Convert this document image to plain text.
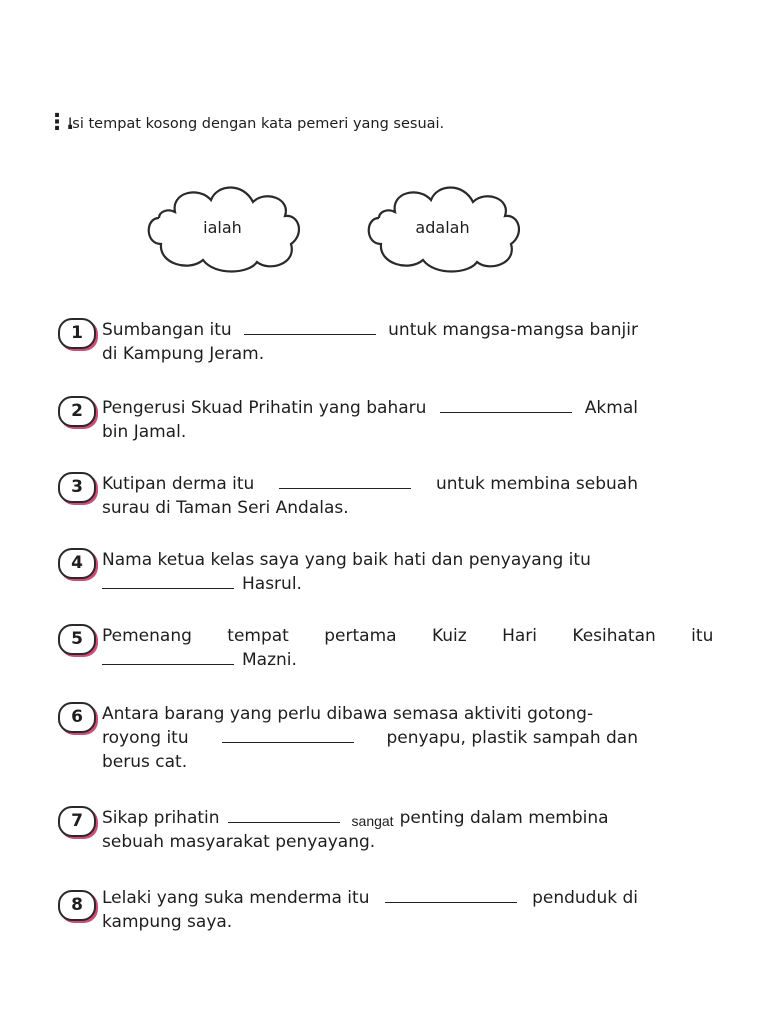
⋮.
Isi tempat kosong dengan kata pemeri yang sesuai.
ialah	adalah
1	Sumbangan itu	untuk mangsa-mangsa banjir
di Kampung Jeram.
2	Pengerusi Skuad Prihatin yang baharu	Akmal
bin Jamal.
3	Kutipan derma itu	untuk membina sebuah
surau di Taman Seri Andalas.
4	Nama ketua kelas saya yang baik hati dan penyayang itu
Hasrul.
5	Pemenang tempat pertama Kuiz Hari Kesihatan itu
Mazni.
6	Antara barang yang perlu dibawa semasa aktiviti gotong-
royong itu	penyapu, plastik sampah dan
berus cat.
7	Sikap prihatin	sangat penting dalam membina
sebuah masyarakat penyayang.
8	Lelaki yang suka menderma itu	penduduk di
kampung saya.
